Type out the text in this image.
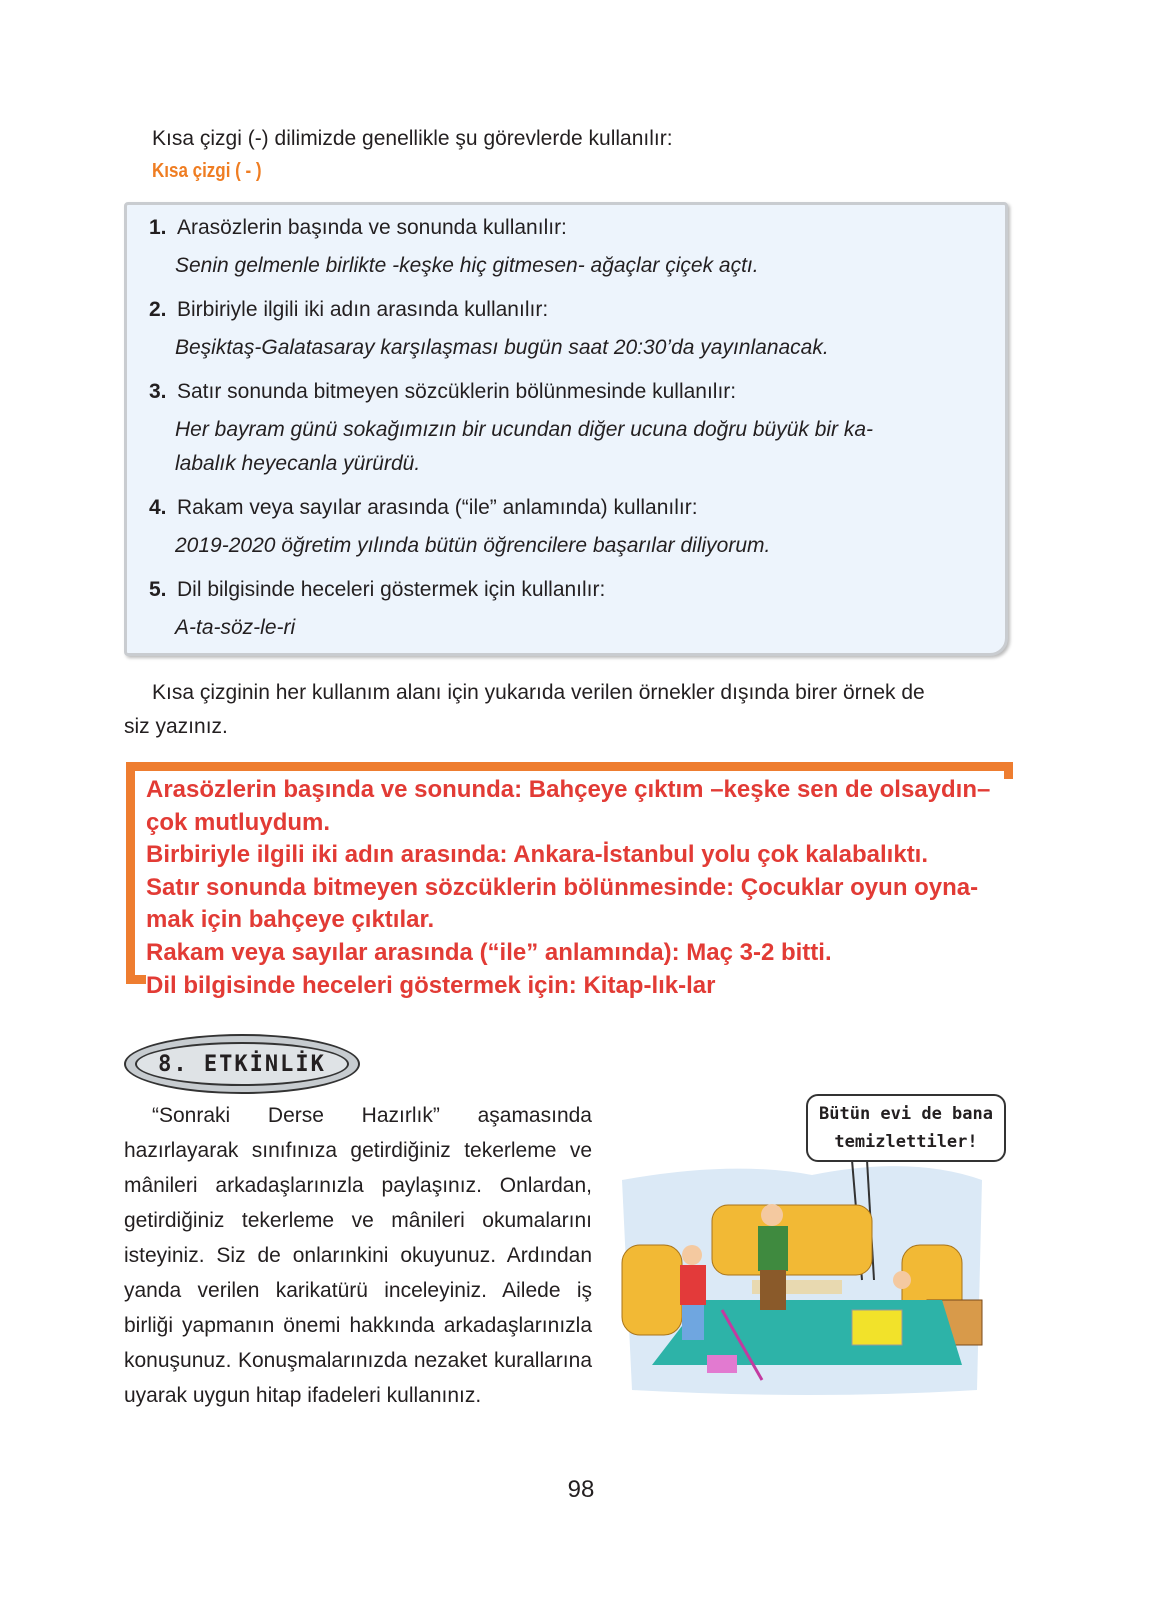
Kısa çizgi (-) dilimizde genellikle şu görevlerde kullanılır:
Kısa çizgi ( - )
1. Arasözlerin başında ve sonunda kullanılır:
Senin gelmenle birlikte -keşke hiç gitmesen- ağaçlar çiçek açtı.
2. Birbiriyle ilgili iki adın arasında kullanılır:
Beşiktaş-Galatasaray karşılaşması bugün saat 20:30’da yayınlanacak.
3. Satır sonunda bitmeyen sözcüklerin bölünmesinde kullanılır:
Her bayram günü sokağımızın bir ucundan diğer ucuna doğru büyük bir ka-
labalık heyecanla yürürdü.
4. Rakam veya sayılar arasında (“ile” anlamında) kullanılır:
2019-2020 öğretim yılında bütün öğrencilere başarılar diliyorum.
5. Dil bilgisinde heceleri göstermek için kullanılır:
A-ta-söz-le-ri
Kısa çizginin her kullanım alanı için yukarıda verilen örnekler dışında birer örnek de
siz yazınız.
Arasözlerin başında ve sonunda: Bahçeye çıktım –keşke sen de olsaydın–
çok mutluydum.
Birbiriyle ilgili iki adın arasında: Ankara-İstanbul yolu çok kalabalıktı.
Satır sonunda bitmeyen sözcüklerin bölünmesinde: Çocuklar oyun oyna-
mak için bahçeye çıktılar.
Rakam veya sayılar arasında (“ile” anlamında): Maç 3-2 bitti.
Dil bilgisinde heceleri göstermek için: Kitap-lık-lar
8. ETKİNLİK
“Sonraki Derse Hazırlık” aşamasında hazırlayarak sınıfınıza getirdiğiniz tekerleme ve mânileri arkadaşlarınızla paylaşınız. Onlardan, getirdiğiniz tekerleme ve mânileri okumalarını isteyiniz. Siz de onlarınkini okuyunuz. Ardından yanda verilen karikatürü inceleyiniz. Ailede iş birliği yapmanın önemi hakkında arkadaşlarınızla konuşunuz. Konuşmalarınızda nezaket kurallarına uyarak uygun hitap ifadeleri kullanınız.
Bütün evi de bana
temizlettiler!
98
